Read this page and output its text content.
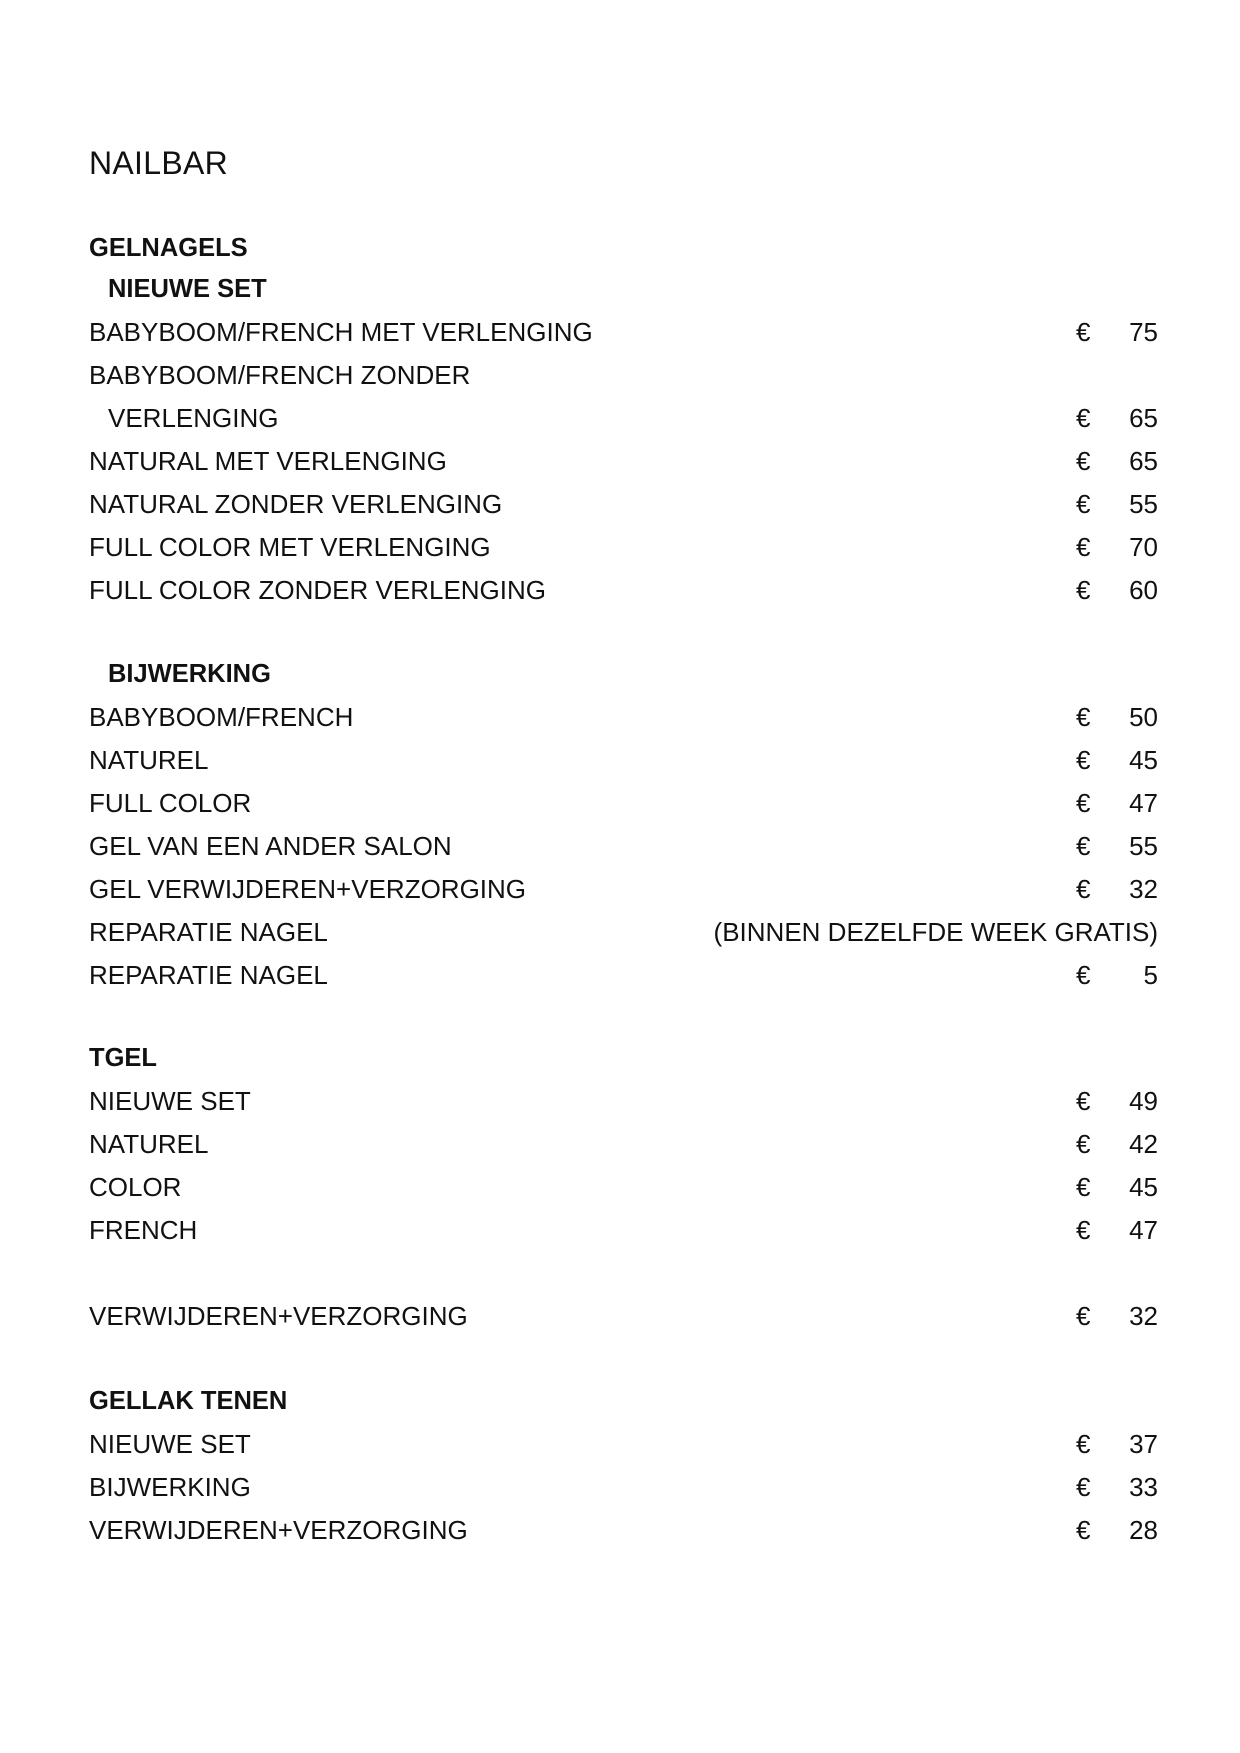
NAILBAR
GELNAGELS
NIEUWE SET
BABYBOOM/FRENCH MET VERLENGING	€ 75
BABYBOOM/FRENCH ZONDER
VERLENGING	€ 65
NATURAL MET VERLENGING	€ 65
NATURAL ZONDER VERLENGING	€ 55
FULL COLOR MET VERLENGING	€ 70
FULL COLOR ZONDER VERLENGING	€ 60
BIJWERKING
BABYBOOM/FRENCH	€ 50
NATUREL	€ 45
FULL COLOR	€ 47
GEL VAN EEN ANDER SALON	€ 55
GEL VERWIJDEREN+VERZORGING	€ 32
REPARATIE NAGEL	(BINNEN DEZELFDE WEEK GRATIS)
REPARATIE NAGEL	€ 5
TGEL
NIEUWE SET	€ 49
NATUREL	€ 42
COLOR	€ 45
FRENCH	€ 47
VERWIJDEREN+VERZORGING	€ 32
GELLAK TENEN
NIEUWE SET	€ 37
BIJWERKING	€ 33
VERWIJDEREN+VERZORGING	€ 28
